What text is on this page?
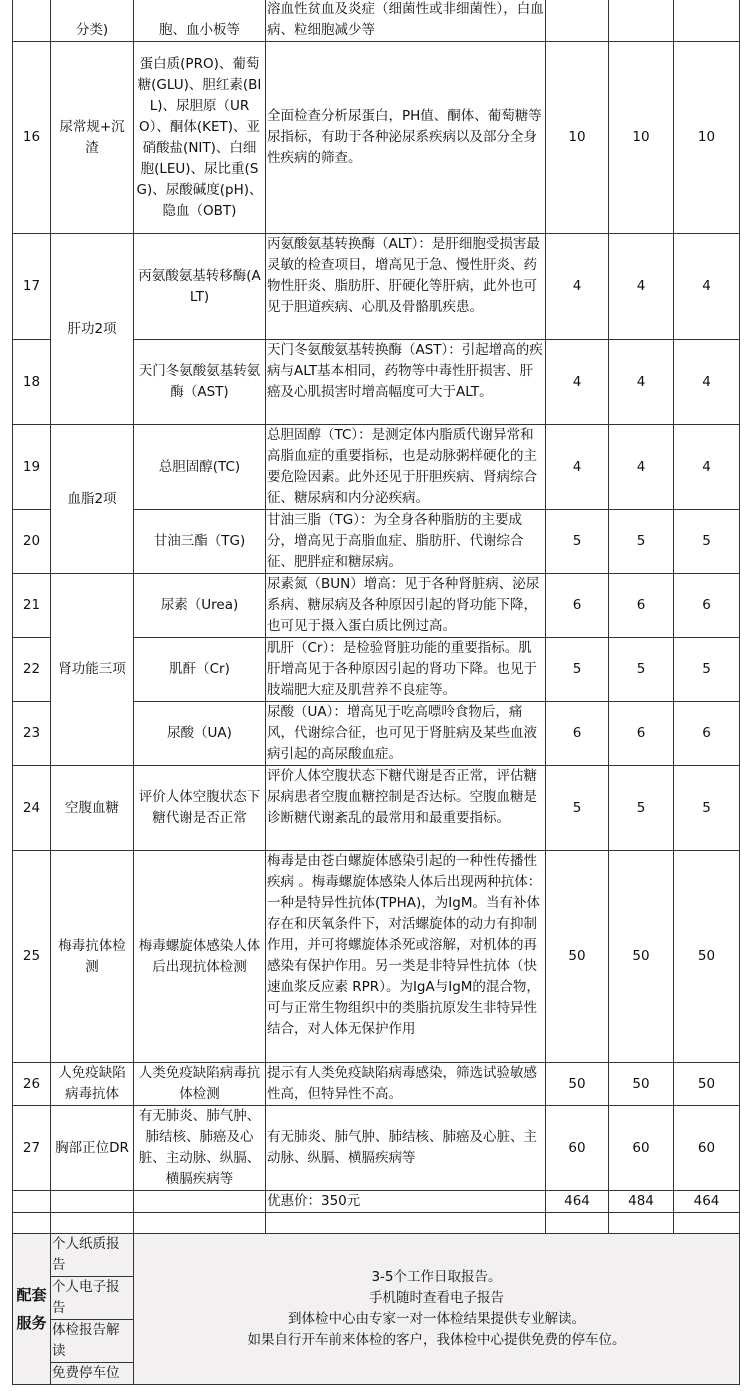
	分类)	胞、血小板等	溶血性贫血及炎症（细菌性或非细菌性），白血病、粒细胞减少等			
16	尿常规+沉渣	蛋白质(PRO)、葡萄糖(GLU)、胆红素(BIL)、尿胆原（URO）、酮体(KET)、亚硝酸盐(NIT)、白细胞(LEU)、尿比重(SG)、尿酸碱度(pH)、隐血（OBT)	全面检查分析尿蛋白，PH值、酮体、葡萄糖等尿指标，有助于各种泌尿系疾病以及部分全身性疾病的筛查。	10	10	10
17	肝功2项	丙氨酸氨基转移酶(ALT)	丙氨酸氨基转换酶（ALT）：是肝细胞受损害最灵敏的检查项目，增高见于急、慢性肝炎、药物性肝炎、脂肪肝、肝硬化等肝病，此外也可见于胆道疾病、心肌及骨骼肌疾患。	4	4	4
18		天门冬氨酸氨基转氨酶（AST)	天门冬氨酸氨基转换酶（AST）：引起增高的疾病与ALT基本相同，药物等中毒性肝损害、肝癌及心肌损害时增高幅度可大于ALT。	4	4	4
19	血脂2项	总胆固醇(TC)	总胆固醇（TC）：是测定体内脂质代谢异常和高脂血症的重要指标，也是动脉粥样硬化的主要危险因素。此外还见于肝胆疾病、肾病综合征、糖尿病和内分泌疾病。	4	4	4
20		甘油三酯（TG)	甘油三脂（TG）：为全身各种脂肪的主要成分，增高见于高脂血症、脂肪肝、代谢综合征、肥胖症和糖尿病。	5	5	5
21	肾功能三项	尿素（Urea)	尿素氮（BUN）增高：见于各种肾脏病、泌尿系病、糖尿病及各种原因引起的肾功能下降，也可见于摄入蛋白质比例过高。	6	6	6
22		肌酐（Cr)	肌肝（Cr）：是检验肾脏功能的重要指标。肌肝增高见于各种原因引起的肾功下降。也见于肢端肥大症及肌营养不良症等。	5	5	5
23		尿酸（UA)	尿酸（UA）：增高见于吃高嘌呤食物后，痛风，代谢综合征，也可见于肾脏病及某些血液病引起的高尿酸血症。	6	6	6
24	空腹血糖	评价人体空腹状态下糖代谢是否正常	评价人体空腹状态下糖代谢是否正常，评估糖尿病患者空腹血糖控制是否达标。空腹血糖是诊断糖代谢紊乱的最常用和最重要指标。	5	5	5
25	梅毒抗体检测	梅毒螺旋体感染人体后出现抗体检测	梅毒是由苍白螺旋体感染引起的一种性传播性疾病 。梅毒螺旋体感染人体后出现两种抗体：一种是特异性抗体(TPHA)，为IgM。当有补体存在和厌氧条件下，对活螺旋体的动力有抑制作用，并可将螺旋体杀死或溶解，对机体的再感染有保护作用。另一类是非特异性抗体（快速血浆反应素 RPR）。为IgA与IgM的混合物，可与正常生物组织中的类脂抗原发生非特异性结合，对人体无保护作用	50	50	50
26	人免疫缺陷病毒抗体	人类免疫缺陷病毒抗体检测	提示有人类免疫缺陷病毒感染，筛选试验敏感性高，但特异性不高。	50	50	50
27	胸部正位DR	有无肺炎、肺气肿、肺结核、肺癌及心脏、主动脉、纵膈、横膈疾病等	有无肺炎、肺气肿、肺结核、肺癌及心脏、主动脉、纵膈、横膈疾病等	60	60	60
			优惠价：350元	464	484	464

配套服务	个人纸质报告	3-5个工作日取报告。
手机随时查看电子报告
到体检中心由专家一对一体检结果提供专业解读。
如果自行开车前来体检的客户，我体检中心提供免费的停车位。				

	个人电子报告					
	体检报告解读					
	免费停车位					
